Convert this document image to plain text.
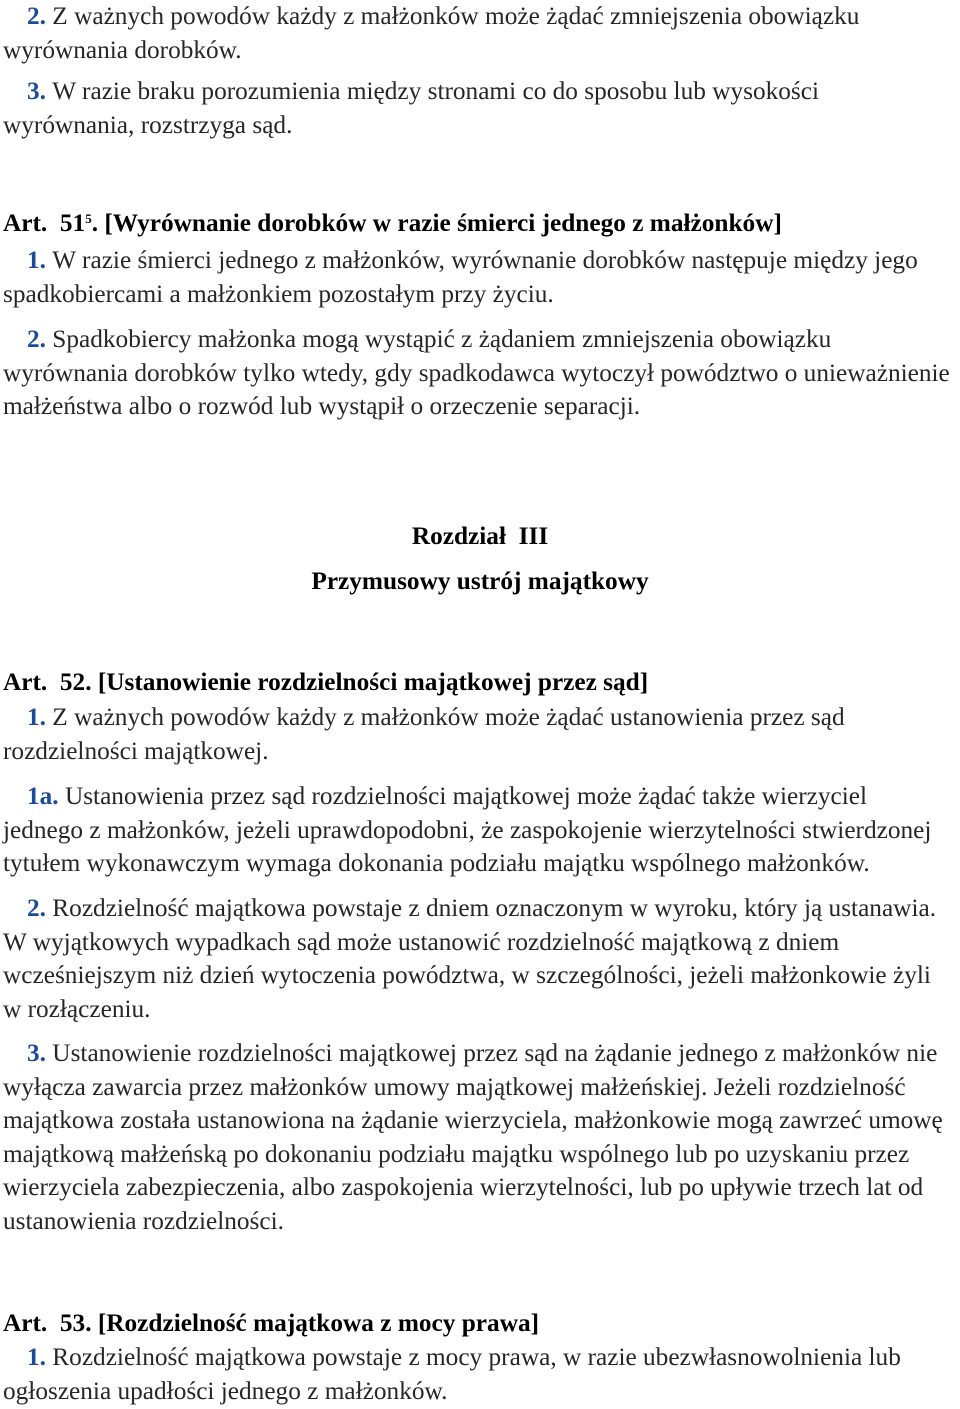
2. Z ważnych powodów każdy z małżonków może żądać zmniejszenia obowiązku
wyrównania dorobków.
3. W razie braku porozumienia między stronami co do sposobu lub wysokości
wyrównania, rozstrzyga sąd.
Art. $51^5$. [Wyrównanie dorobków w razie śmierci jednego z małżonków]
1. W razie śmierci jednego z małżonków, wyrównanie dorobków następuje między jego
spadkobiercami a małżonkiem pozostałym przy życiu.
2. Spadkobiercy małżonka mogą wystąpić z żądaniem zmniejszenia obowiązku
wyrównania dorobków tylko wtedy, gdy spadkodawca wytoczył powództwo o unieważnienie
małżeństwa albo o rozwód lub wystąpił o orzeczenie separacji.
Rozdział III
Przymusowy ustrój majątkowy
Art. 52. [Ustanowienie rozdzielności majątkowej przez sąd]
1. Z ważnych powodów każdy z małżonków może żądać ustanowienia przez sąd
rozdzielności majątkowej.
1a. Ustanowienia przez sąd rozdzielności majątkowej może żądać także wierzyciel
jednego z małżonków, jeżeli uprawdopodobni, że zaspokojenie wierzytelności stwierdzonej
tytułem wykonawczym wymaga dokonania podziału majątku wspólnego małżonków.
2. Rozdzielność majątkowa powstaje z dniem oznaczonym w wyroku, który ją ustanawia.
W wyjątkowych wypadkach sąd może ustanowić rozdzielność majątkową z dniem
wcześniejszym niż dzień wytoczenia powództwa, w szczególności, jeżeli małżonkowie żyli
w rozłączeniu.
3. Ustanowienie rozdzielności majątkowej przez sąd na żądanie jednego z małżonków nie
wyłącza zawarcia przez małżonków umowy majątkowej małżeńskiej. Jeżeli rozdzielność
majątkowa została ustanowiona na żądanie wierzyciela, małżonkowie mogą zawrzeć umowę
majątkową małżeńską po dokonaniu podziału majątku wspólnego lub po uzyskaniu przez
wierzyciela zabezpieczenia, albo zaspokojenia wierzytelności, lub po upływie trzech lat od
ustanowienia rozdzielności.
Art. 53. [Rozdzielność majątkowa z mocy prawa]
1. Rozdzielność majątkowa powstaje z mocy prawa, w razie ubezwłasnowolnienia lub
ogłoszenia upadłości jednego z małżonków.
